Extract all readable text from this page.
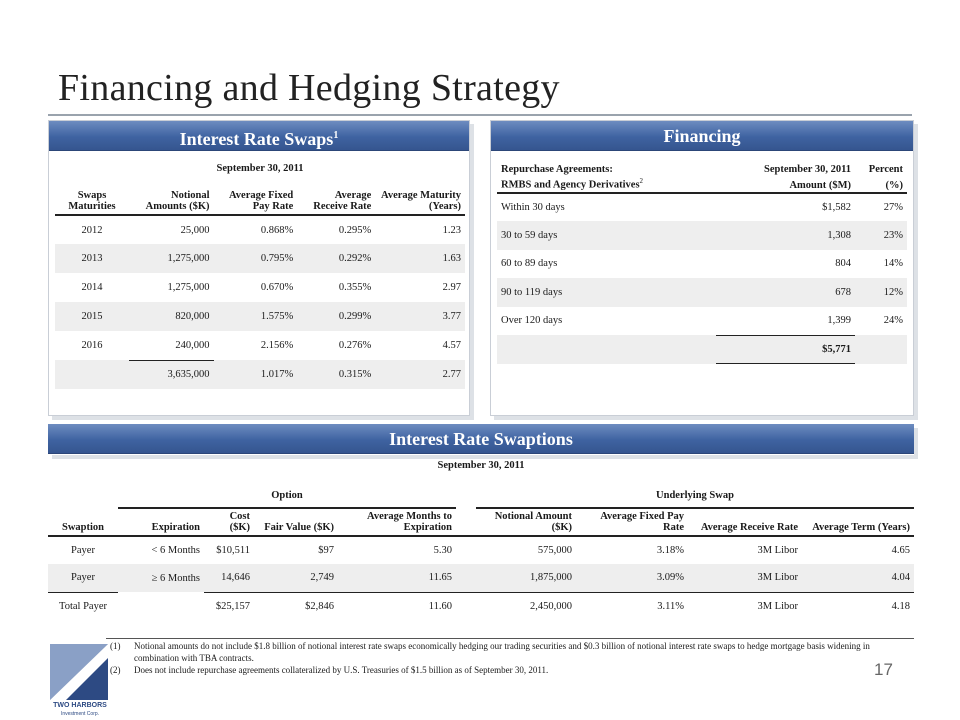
Financing and Hedging Strategy
Interest Rate Swaps$^1$
September 30, 2011				
Swaps Maturities	Notional Amounts ($K)	Average Fixed Pay Rate	Average Receive Rate	Average Maturity (Years)
2012	25,000	0.868%	0.295%	1.23
2013	1,275,000	0.795%	0.292%	1.63
2014	1,275,000	0.670%	0.355%	2.97
2015	820,000	1.575%	0.299%	3.77
2016	240,000	2.156%	0.276%	4.57
	3,635,000	1.017%	0.315%	2.77
Financing
Repurchase Agreements:	September 30, 2011	Percent
RMBS and Agency Derivatives$^2$	Amount ($M)	(%)
Within 30 days	$1,582	27%
30 to 59 days	1,308	23%
60 to 89 days	804	14%
90 to 119 days	678	12%
Over 120 days	1,399	24%
	$5,771	
Interest Rate Swaptions
September 30, 2011
	Option					Underlying Swap			
Swaption	Expiration	Cost ($K)	Fair Value ($K)	Average Months to Expiration		Notional Amount ($K)	Average Fixed Pay Rate	Average Receive Rate	Average Term (Years)
Payer	< 6 Months	$10,511	$97	5.30		575,000	3.18%	3M Libor	4.65
Payer	≥ 6 Months	14,646	2,749	11.65		1,875,000	3.09%	3M Libor	4.04
Total Payer		$25,157	$2,846	11.60		2,450,000	3.11%	3M Libor	4.18
(1)	Notional amounts do not include $1.8 billion of notional interest rate swaps economically hedging our trading securities and $0.3 billion of notional interest rate swaps to hedge mortgage basis widening in combination with TBA contracts.
(2)	Does not include repurchase agreements collateralized by U.S. Treasuries of $1.5 billion as of September 30, 2011.	17
TWO HARBORS
Investment Corp.
